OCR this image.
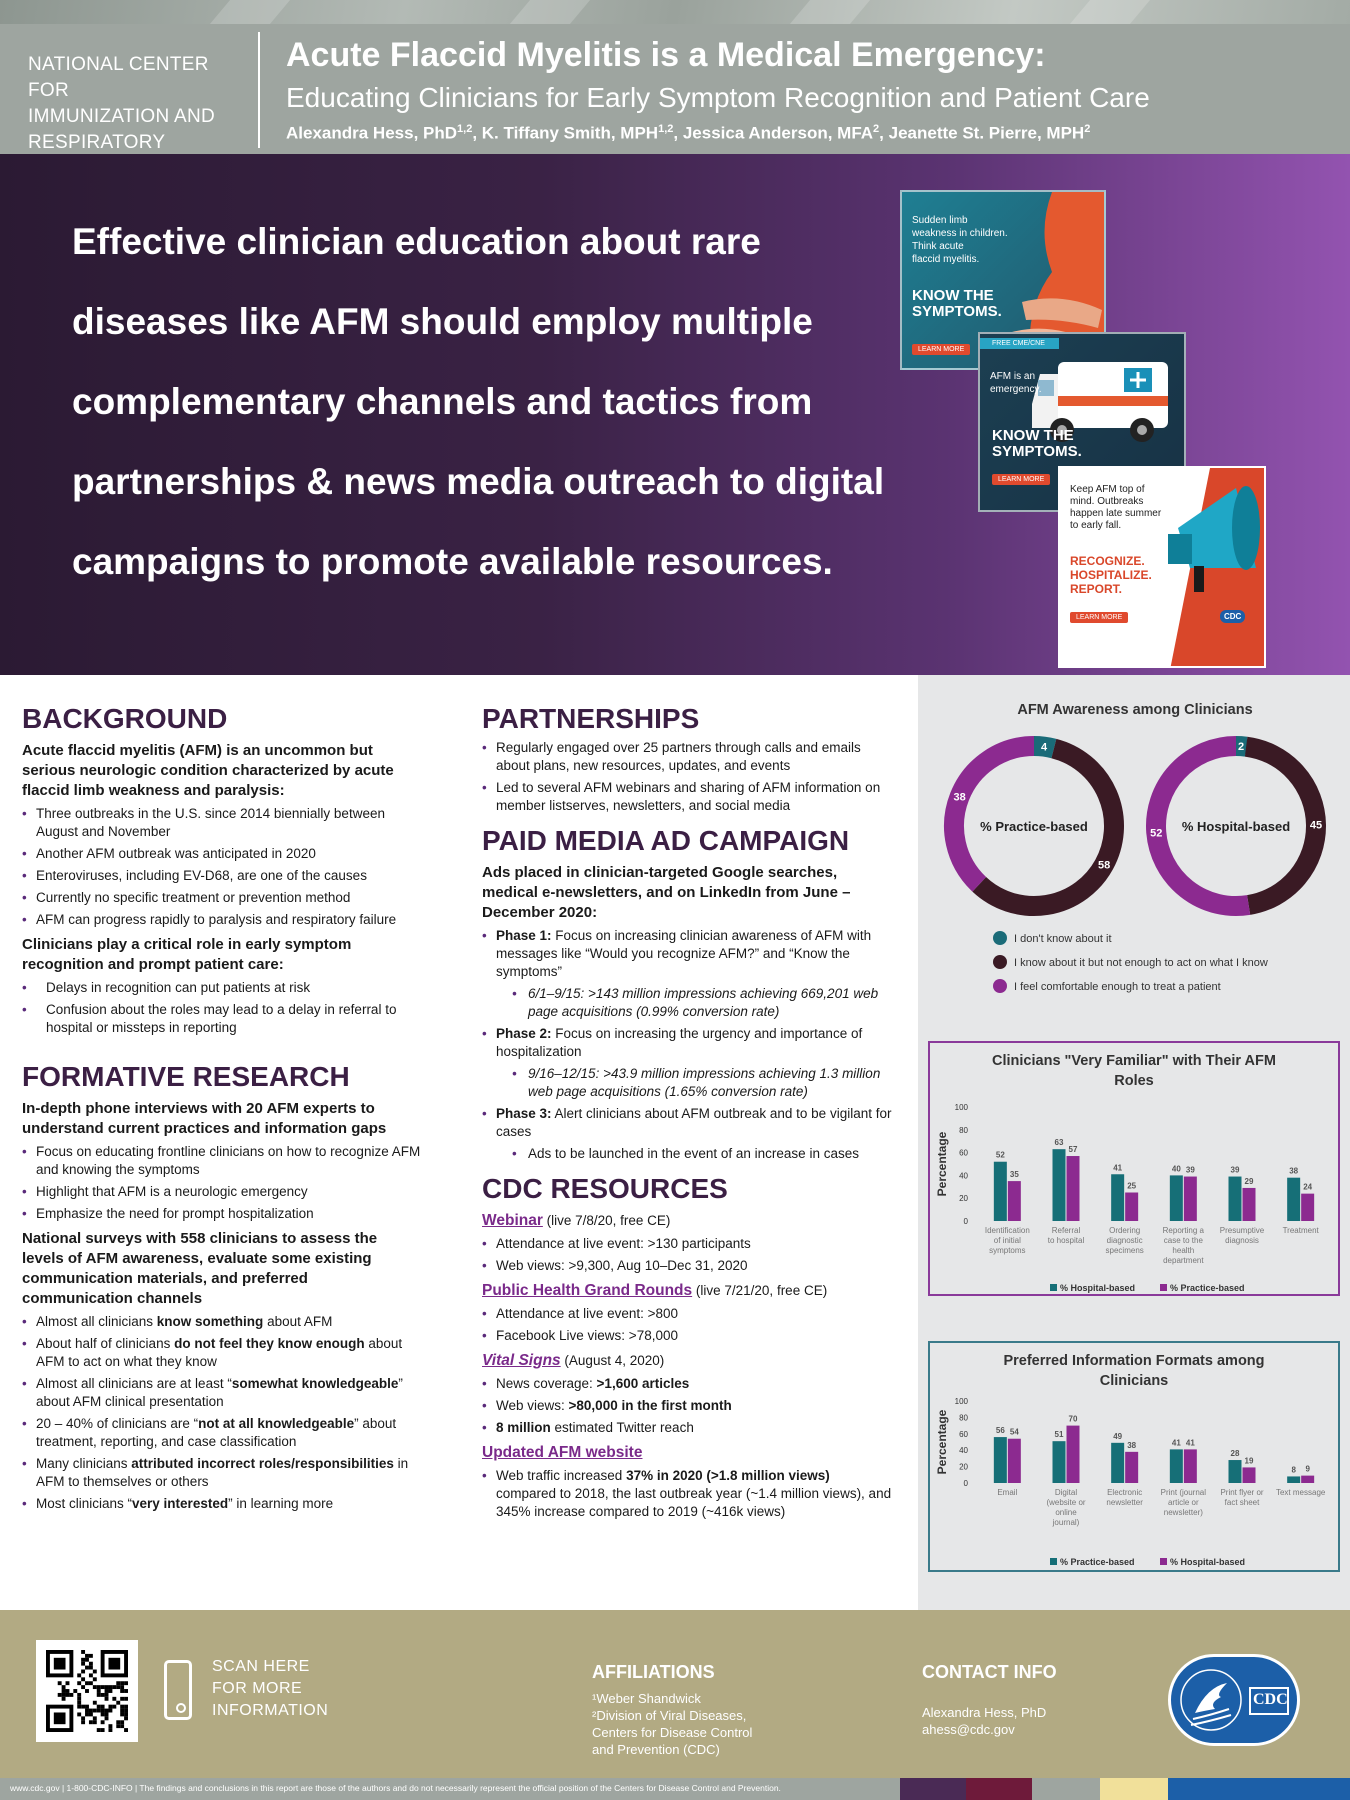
NATIONAL CENTER FOR
IMMUNIZATION AND
RESPIRATORY
Acute Flaccid Myelitis is a Medical Emergency:
Educating Clinicians for Early Symptom Recognition and Patient Care
Alexandra Hess, PhD$^{1,2}$, K. Tiffany Smith, MPH$^{1,2}$, Jessica Anderson, MFA$^2$, Jeanette St. Pierre, MPH$^2$
Effective clinician education about rare
diseases like AFM should employ multiple
complementary channels and tactics from
partnerships & news media outreach to digital
campaigns to promote available resources.
Sudden limb
weakness in children.
Think acute
flaccid myelitis.
KNOW THE
SYMPTOMS.
LEARN MORE
FREE CME/CNE
AFM is an
emergency.
KNOW THE
SYMPTOMS.
LEARN MORE
Keep AFM top of
mind. Outbreaks
happen late summer
to early fall.
RECOGNIZE.
HOSPITALIZE.
REPORT.
LEARN MORE	CDC
BACKGROUND
Acute flaccid myelitis (AFM) is an uncommon but serious neurologic condition characterized by acute flaccid limb weakness and paralysis:
• Three outbreaks in the U.S. since 2014 biennially between August and November
• Another AFM outbreak was anticipated in 2020
• Enteroviruses, including EV-D68, are one of the causes
• Currently no specific treatment or prevention method
• AFM can progress rapidly to paralysis and respiratory failure
Clinicians play a critical role in early symptom recognition and prompt patient care:
• Delays in recognition can put patients at risk
• Confusion about the roles may lead to a delay in referral to hospital or missteps in reporting
FORMATIVE RESEARCH
In-depth phone interviews with 20 AFM experts to understand current practices and information gaps
• Focus on educating frontline clinicians on how to recognize AFM and knowing the symptoms
• Highlight that AFM is a neurologic emergency
• Emphasize the need for prompt hospitalization
National surveys with 558 clinicians to assess the levels of AFM awareness, evaluate some existing communication materials, and preferred communication channels
• Almost all clinicians know something about AFM
• About half of clinicians do not feel they know enough about AFM to act on what they know
• Almost all clinicians are at least “somewhat knowledgeable” about AFM clinical presentation
• 20 – 40% of clinicians are “not at all knowledgeable” about treatment, reporting, and case classification
• Many clinicians attributed incorrect roles/responsibilities in AFM to themselves or others
• Most clinicians “very interested” in learning more
PARTNERSHIPS
• Regularly engaged over 25 partners through calls and emails about plans, new resources, updates, and events
• Led to several AFM webinars and sharing of AFM information on member listserves, newsletters, and social media
PAID MEDIA AD CAMPAIGN
Ads placed in clinician-targeted Google searches, medical e-newsletters, and on LinkedIn from June – December 2020:
• Phase 1: Focus on increasing clinician awareness of AFM with messages like “Would you recognize AFM?” and “Know the symptoms”
• 6/1–9/15: >143 million impressions achieving 669,201 web page acquisitions (0.99% conversion rate)
• Phase 2: Focus on increasing the urgency and importance of hospitalization
• 9/16–12/15: >43.9 million impressions achieving 1.3 million web page acquisitions (1.65% conversion rate)
• Phase 3: Alert clinicians about AFM outbreak and to be vigilant for cases
• Ads to be launched in the event of an increase in cases
CDC RESOURCES
Webinar (live 7/8/20, free CE)
• Attendance at live event: >130 participants
• Web views: >9,300, Aug 10–Dec 31, 2020
Public Health Grand Rounds (live 7/21/20, free CE)
• Attendance at live event: >800
• Facebook Live views: >78,000
Vital Signs (August 4, 2020)
• News coverage: >1,600 articles
• Web views: >80,000 in the first month
• 8 million estimated Twitter reach
Updated AFM website
• Web traffic increased 37% in 2020 (>1.8 million views) compared to 2018, the last outbreak year (~1.4 million views), and 345% increase compared to 2019 (~416k views)
AFM Awareness among Clinicians
4
58
38
% Practice-based
2
45
52 % Hospital-based
I don't know about it
I know about it but not enough to act on what I know
I feel comfortable enough to treat a patient
Clinicians "Very Familiar" with Their AFM Roles
Percentage
0
20
40
60
80
100
52
35
Identification
of initial
symptoms
63
57
Referral
to hospital
41
25
Ordering
diagnostic
specimens
40 39
Reporting a
case to the
health
department
39
29
Presumptive
diagnosis
38
24
Treatment
% Hospital-based	% Practice-based
Preferred Information Formats among Clinicians
Percentage
0
20
40
60
80
100
56 54
Email
51
70
Digital
(website or
online
journal)
49
38
Electronic
newsletter
41 41
Print (journal
article or
newsletter)
28
19
Print flyer or
fact sheet
8 9
Text message
% Practice-based	% Hospital-based
SCAN HERE
FOR MORE
INFORMATION
AFFILIATIONS
¹Weber Shandwick
²Division of Viral Diseases,
Centers for Disease Control
and Prevention (CDC)
CONTACT INFO
Alexandra Hess, PhD
ahess@cdc.gov
CDC
www.cdc.gov | 1-800-CDC-INFO | The findings and conclusions in this report are those of the authors and do not necessarily represent the official position of the Centers for Disease Control and Prevention.
